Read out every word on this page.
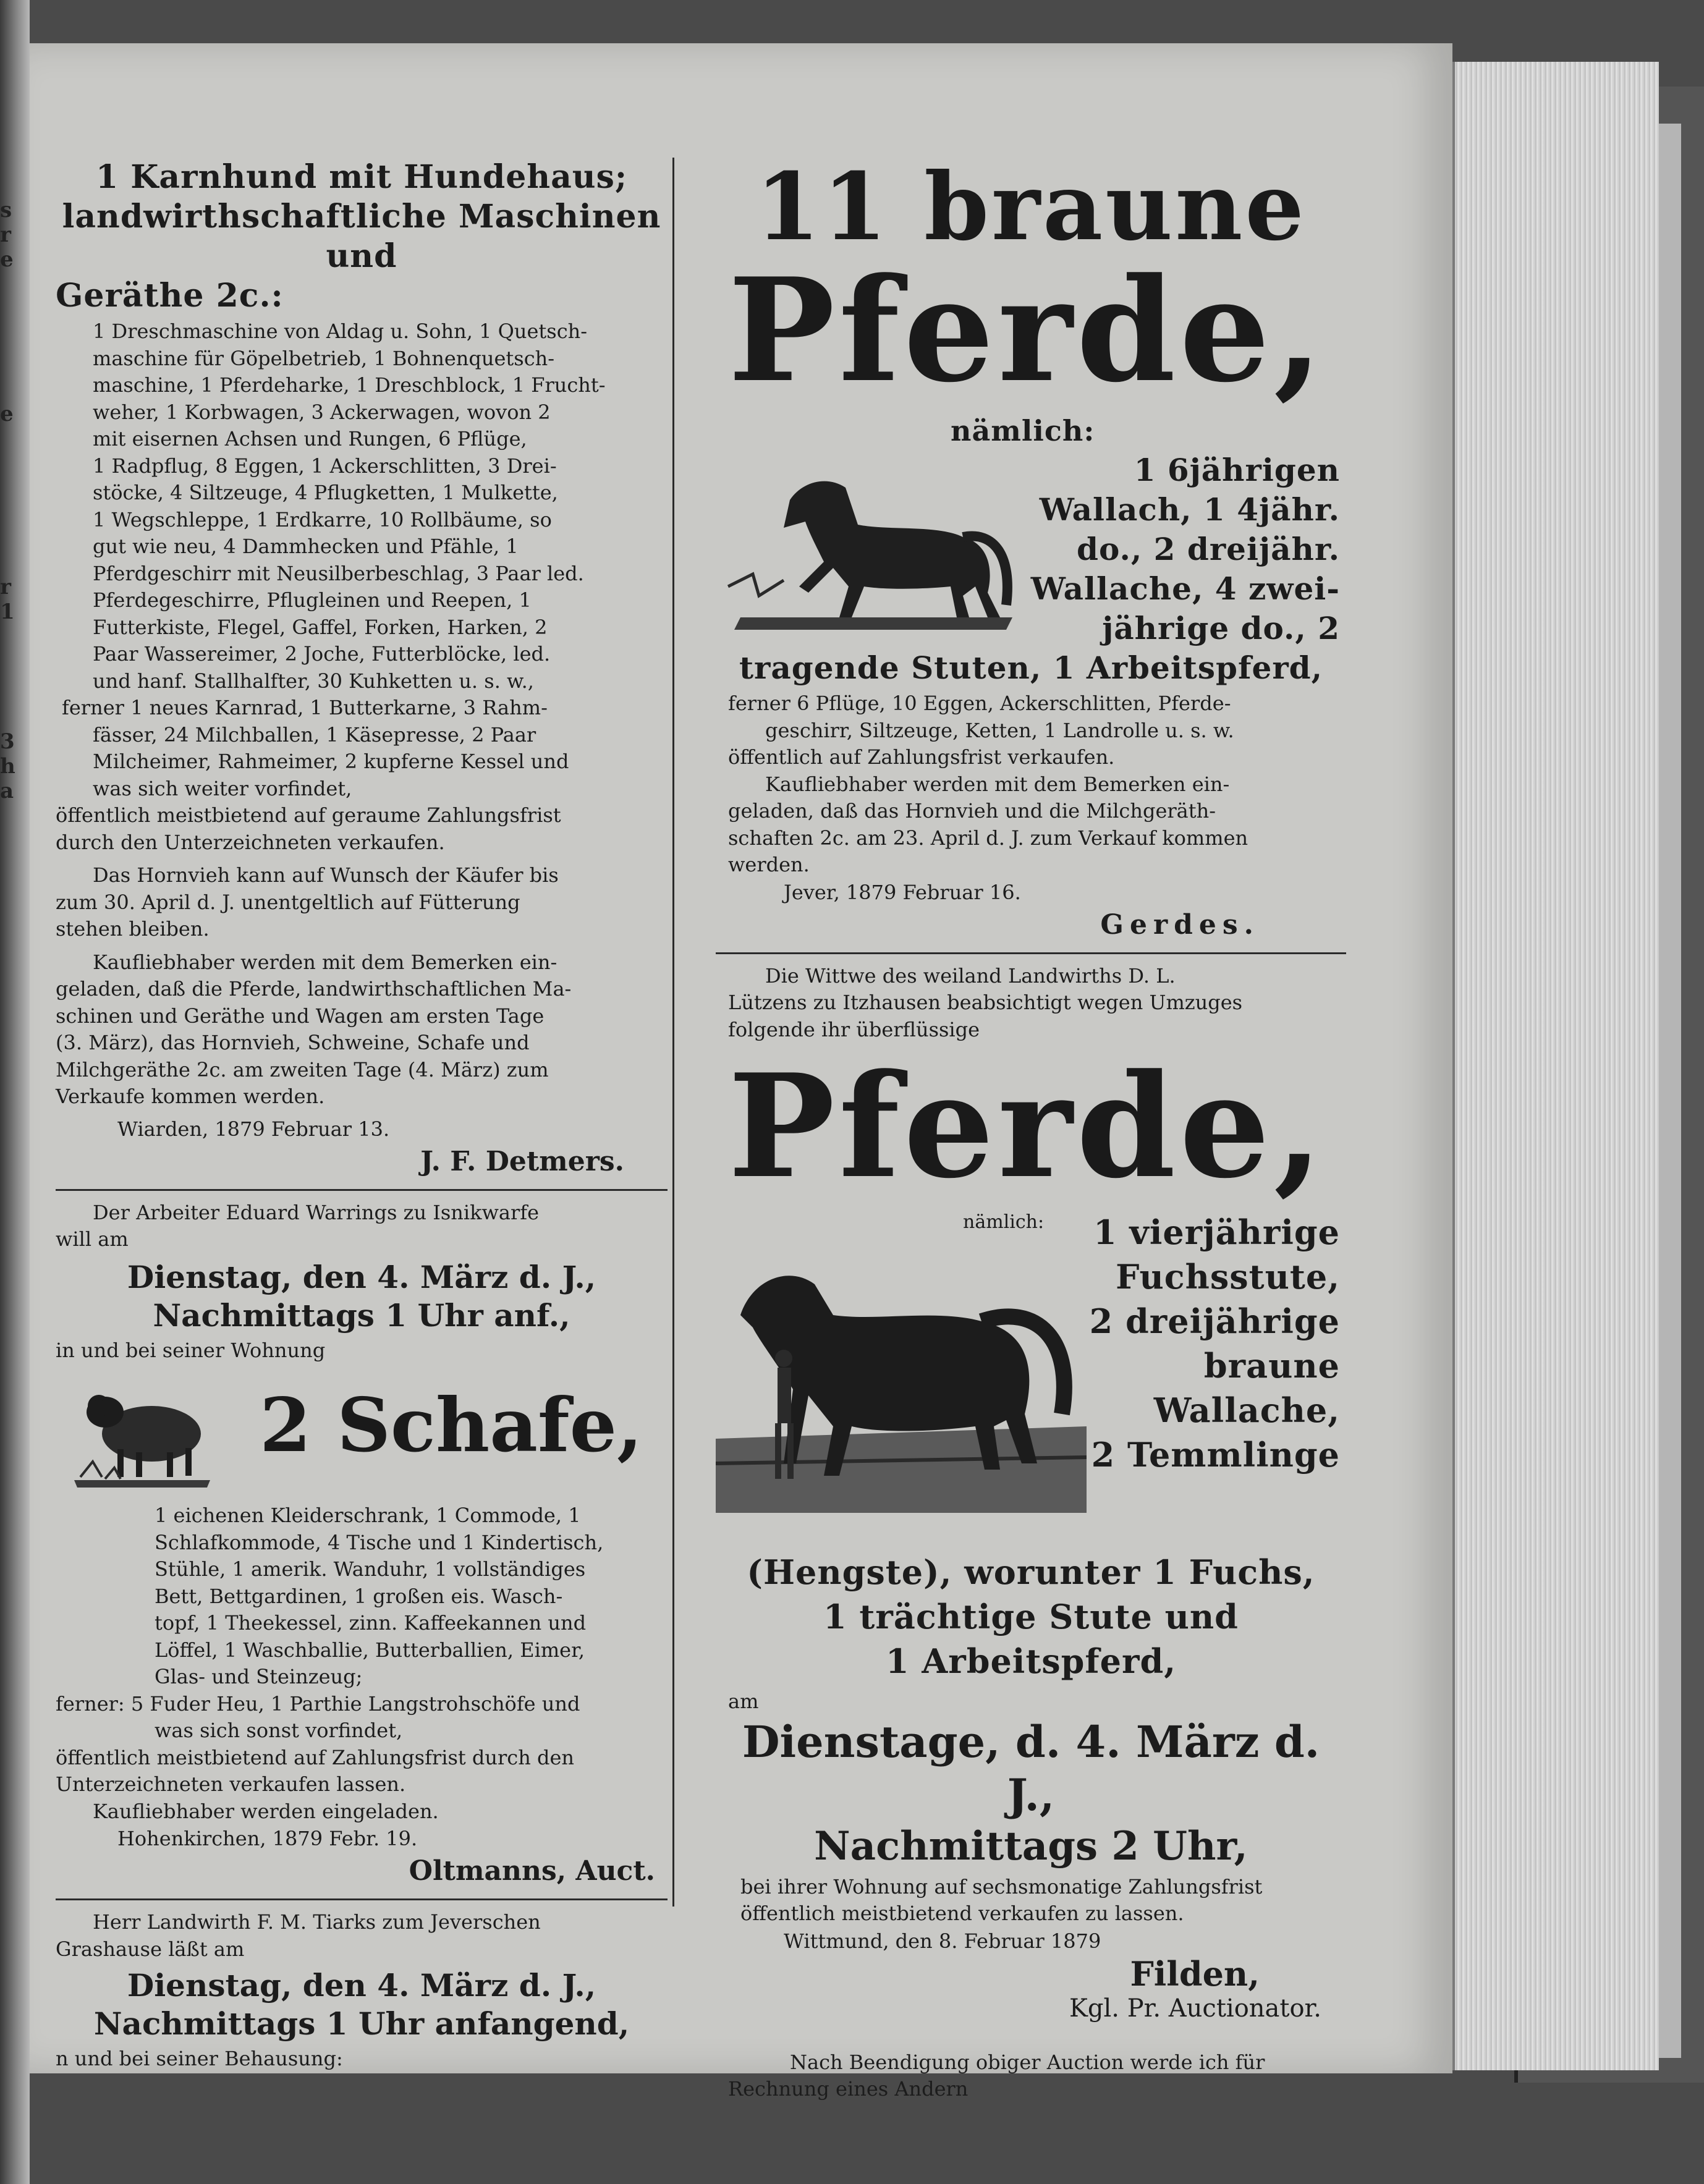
s
r
e
e
r
1
3
h
a

1 Karnhund mit Hundehaus;

landwirthschaftliche Maschinen und

Geräthe 2c.:

1 Dreschmaschine von Aldag u. Sohn, 1 Quetsch-

maschine für Göpelbetrieb, 1 Bohnenquetsch-

maschine, 1 Pferdeharke, 1 Dreschblock, 1 Frucht-

weher, 1 Korbwagen, 3 Ackerwagen, wovon 2

mit eisernen Achsen und Rungen, 6 Pflüge,

1 Radpflug, 8 Eggen, 1 Ackerschlitten, 3 Drei-

stöcke, 4 Siltzeuge, 4 Pflugketten, 1 Mulkette,

1 Wegschleppe, 1 Erdkarre, 10 Rollbäume, so

gut wie neu, 4 Dammhecken und Pfähle, 1

Pferdgeschirr mit Neusilberbeschlag, 3 Paar led.

Pferdegeschirre, Pflugleinen und Reepen, 1

Futterkiste, Flegel, Gaffel, Forken, Harken, 2

Paar Wassereimer, 2 Joche, Futterblöcke, led.

und hanf. Stallhalfter, 30 Kuhketten u. s. w.,

ferner 1 neues Karnrad, 1 Butterkarne, 3 Rahm-

fässer, 24 Milchballen, 1 Käsepresse, 2 Paar

Milcheimer, Rahmeimer, 2 kupferne Kessel und

was sich weiter vorfindet,

öffentlich meistbietend auf geraume Zahlungsfrist

durch den Unterzeichneten verkaufen.

Das Hornvieh kann auf Wunsch der Käufer bis

zum 30. April d. J. unentgeltlich auf Fütterung

stehen bleiben.

Kaufliebhaber werden mit dem Bemerken ein-

geladen, daß die Pferde, landwirthschaftlichen Ma-

schinen und Geräthe und Wagen am ersten Tage

(3. März), das Hornvieh, Schweine, Schafe und

Milchgeräthe 2c. am zweiten Tage (4. März) zum

Verkaufe kommen werden.

Wiarden, 1879 Februar 13.

J. F. Detmers.

Der Arbeiter Eduard Warrings zu Isnikwarfe

will am

Dienstag, den 4. März d. J.,

Nachmittags 1 Uhr anf.,

in und bei seiner Wohnung

2 Schafe,

1 eichenen Kleiderschrank, 1 Commode, 1

Schlafkommode, 4 Tische und 1 Kindertisch,

Stühle, 1 amerik. Wanduhr, 1 vollständiges

Bett, Bettgardinen, 1 großen eis. Wasch-

topf, 1 Theekessel, zinn. Kaffeekannen und

Löffel, 1 Waschballie, Butterballien, Eimer,

Glas- und Steinzeug;

ferner: 5 Fuder Heu, 1 Parthie Langstrohschöfe und

was sich sonst vorfindet,

öffentlich meistbietend auf Zahlungsfrist durch den

Unterzeichneten verkaufen lassen.

Kaufliebhaber werden eingeladen.

Hohenkirchen, 1879 Febr. 19.

Oltmanns, Auct.

Herr Landwirth F. M. Tiarks zum Jeverschen

Grashause läßt am

Dienstag, den 4. März d. J.,

Nachmittags 1 Uhr anfangend,

n und bei seiner Behausung:

11 braune

Pferde,

nämlich:

1 6jährigen

Wallach, 1 4jähr.

do., 2 dreijähr.

Wallache, 4 zwei-

jährige do., 2

tragende Stuten, 1 Arbeitspferd,

ferner 6 Pflüge, 10 Eggen, Ackerschlitten, Pferde-

geschirr, Siltzeuge, Ketten, 1 Landrolle u. s. w.

öffentlich auf Zahlungsfrist verkaufen.

Kaufliebhaber werden mit dem Bemerken ein-

geladen, daß das Hornvieh und die Milchgeräth-

schaften 2c. am 23. April d. J. zum Verkauf kommen

werden.

Jever, 1879 Februar 16.

Gerdes.

Die Wittwe des weiland Landwirths D. L.

Lützens zu Itzhausen beabsichtigt wegen Umzuges

folgende ihr überflüssige

Pferde,

nämlich:	1 vierjährige

Fuchsstute,

2 dreijährige

braune

Wallache,

2 Temmlinge

(Hengste), worunter 1 Fuchs,

1 trächtige Stute und

1 Arbeitspferd,

am

Dienstage, d. 4. März d. J.,

Nachmittags 2 Uhr,

bei ihrer Wohnung auf sechsmonatige Zahlungsfrist

öffentlich meistbietend verkaufen zu lassen.

Wittmund, den 8. Februar 1879

Filden,

Kgl. Pr. Auctionator.

Nach Beendigung obiger Auction werde ich für

Rechnung eines Andern
